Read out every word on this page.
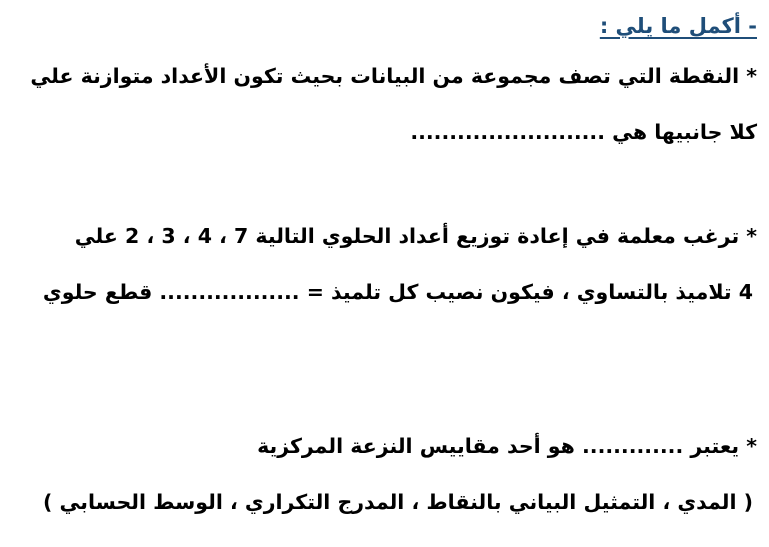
- أكمل ما يلي :
* النقطة التي تصف مجموعة من البيانات بحيث تكون الأعداد متوازنة علي
كلا جانبيها هي .........................
* ترغب معلمة في إعادة توزيع أعداد الحلوي التالية 7 ، 4 ، 3 ، 2 علي
4 تلاميذ بالتساوي ، فيكون نصيب كل تلميذ = .................. قطع حلوي
* يعتبر ............. هو أحد مقاييس النزعة المركزية
( المدي ، التمثيل البياني بالنقاط ، المدرج التكراري ، الوسط الحسابي )
